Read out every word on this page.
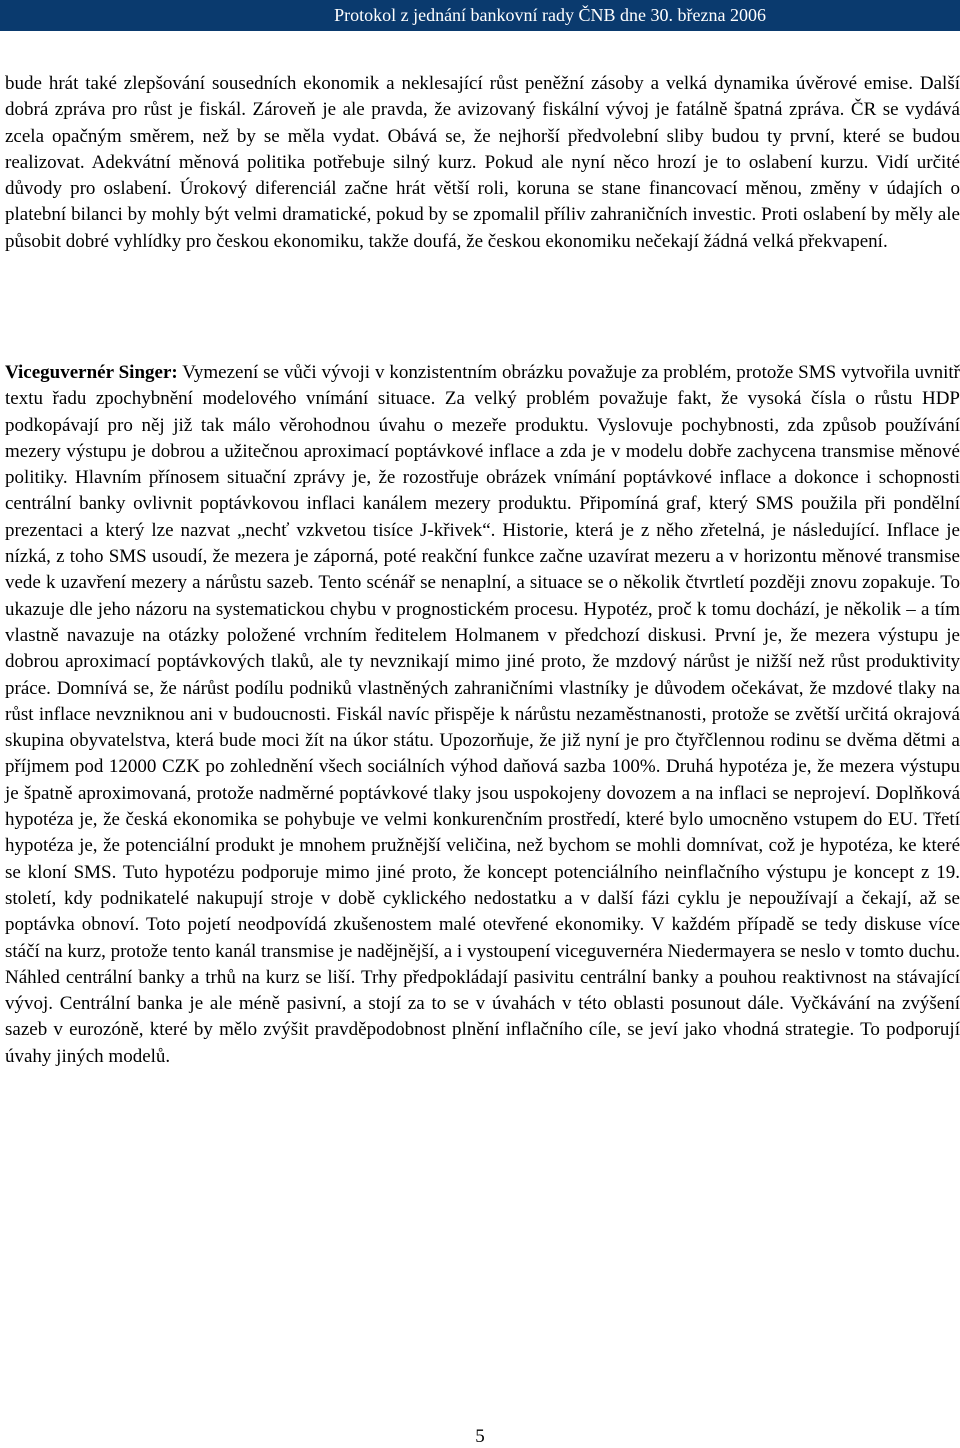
Protokol z jednání bankovní rady ČNB dne 30. března 2006

bude hrát také zlepšování sousedních ekonomik a neklesající růst peněžní zásoby a velká dynamika úvěrové emise. Další dobrá zpráva pro růst je fiskál. Zároveň je ale pravda, že avizovaný fiskální vývoj je fatálně špatná zpráva. ČR se vydává zcela opačným směrem, než by se měla vydat. Obává se, že nejhorší předvolební sliby budou ty první, které se budou realizovat. Adekvátní měnová politika potřebuje silný kurz. Pokud ale nyní něco hrozí je to oslabení kurzu. Vidí určité důvody pro oslabení. Úrokový diferenciál začne hrát větší roli, koruna se stane financovací měnou, změny v údajích o platební bilanci by mohly být velmi dramatické, pokud by se zpomalil příliv zahraničních investic. Proti oslabení by měly ale působit dobré vyhlídky pro českou ekonomiku, takže doufá, že českou ekonomiku nečekají žádná velká překvapení.

Viceguvernér Singer: Vymezení se vůči vývoji v konzistentním obrázku považuje za problém, protože SMS vytvořila uvnitř textu řadu zpochybnění modelového vnímání situace. Za velký problém považuje fakt, že vysoká čísla o růstu HDP podkopávají pro něj již tak málo věrohodnou úvahu o mezeře produktu. Vyslovuje pochybnosti, zda způsob používání mezery výstupu je dobrou a užitečnou aproximací poptávkové inflace a zda je v modelu dobře zachycena transmise měnové politiky. Hlavním přínosem situační zprávy je, že rozostřuje obrázek vnímání poptávkové inflace a dokonce i schopnosti centrální banky ovlivnit poptávkovou inflaci kanálem mezery produktu. Připomíná graf, který SMS použila při pondělní prezentaci a který lze nazvat „nechť vzkvetou tisíce J-křivek“. Historie, která je z něho zřetelná, je následující. Inflace je nízká, z toho SMS usoudí, že mezera je záporná, poté reakční funkce začne uzavírat mezeru a v horizontu měnové transmise vede k uzavření mezery a nárůstu sazeb. Tento scénář se nenaplní, a situace se o několik čtvrtletí později znovu zopakuje. To ukazuje dle jeho názoru na systematickou chybu v prognostickém procesu. Hypotéz, proč k tomu dochází, je několik – a tím vlastně navazuje na otázky položené vrchním ředitelem Holmanem v předchozí diskusi. První je, že mezera výstupu je dobrou aproximací poptávkových tlaků, ale ty nevznikají mimo jiné proto, že mzdový nárůst je nižší než růst produktivity práce. Domnívá se, že nárůst podílu podniků vlastněných zahraničními vlastníky je důvodem očekávat, že mzdové tlaky na růst inflace nevzniknou ani v budoucnosti. Fiskál navíc přispěje k nárůstu nezaměstnanosti, protože se zvětší určitá okrajová skupina obyvatelstva, která bude moci žít na úkor státu. Upozorňuje, že již nyní je pro čtyřčlennou rodinu se dvěma dětmi a příjmem pod 12000 CZK po zohlednění všech sociálních výhod daňová sazba 100%. Druhá hypotéza je, že mezera výstupu je špatně aproximovaná, protože nadměrné poptávkové tlaky jsou uspokojeny dovozem a na inflaci se neprojeví. Doplňková hypotéza je, že česká ekonomika se pohybuje ve velmi konkurenčním prostředí, které bylo umocněno vstupem do EU. Třetí hypotéza je, že potenciální produkt je mnohem pružnější veličina, než bychom se mohli domnívat, což je hypotéza, ke které se kloní SMS. Tuto hypotézu podporuje mimo jiné proto, že koncept potenciálního neinflačního výstupu je koncept z 19. století, kdy podnikatelé nakupují stroje v době cyklického nedostatku a v další fázi cyklu je nepoužívají a čekají, až se poptávka obnoví. Toto pojetí neodpovídá zkušenostem malé otevřené ekonomiky. V každém případě se tedy diskuse více stáčí na kurz, protože tento kanál transmise je nadějnější, a i vystoupení viceguvernéra Niedermayera se neslo v tomto duchu. Náhled centrální banky a trhů na kurz se liší. Trhy předpokládají pasivitu centrální banky a pouhou reaktivnost na stávající vývoj. Centrální banka je ale méně pasivní, a stojí za to se v úvahách v této oblasti posunout dále. Vyčkávání na zvýšení sazeb v eurozóně, které by mělo zvýšit pravděpodobnost plnění inflačního cíle, se jeví jako vhodná strategie. To podporují úvahy jiných modelů.

5
